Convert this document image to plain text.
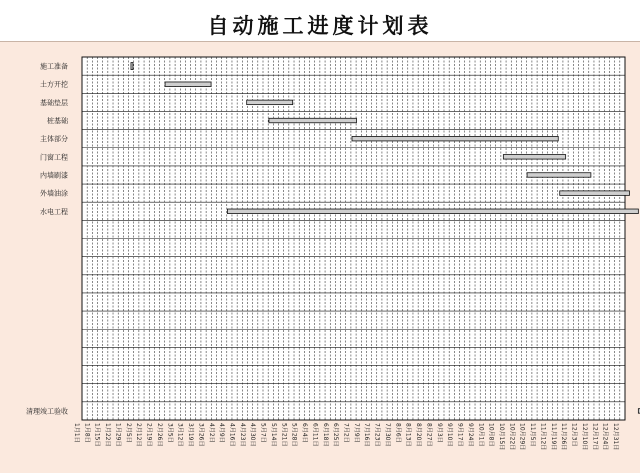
自动施工进度计划表
施工准备
土方开挖
基础垫层
桩基础
主体部分
门窗工程
内墙刷漆
外墙油涂
水电工程
清理竣工验收
1月1日 1月8日 1月15日 1月22日 1月29日 2月5日 2月12日 2月19日 2月26日 3月5日 3月12日 3月19日 3月26日 4月2日 4月9日 4月16日 4月23日 4月30日 5月7日 5月14日 5月21日 5月28日 6月4日 6月11日 6月18日 6月25日 7月2日 7月9日 7月16日 7月23日 7月30日 8月6日 8月13日 8月20日 8月27日 9月3日 9月10日 9月17日 9月24日 10月1日 10月8日 10月15日 10月22日 10月29日 11月5日 11月12日 11月19日 11月26日 12月3日 12月10日 12月17日 12月24日 12月31日
